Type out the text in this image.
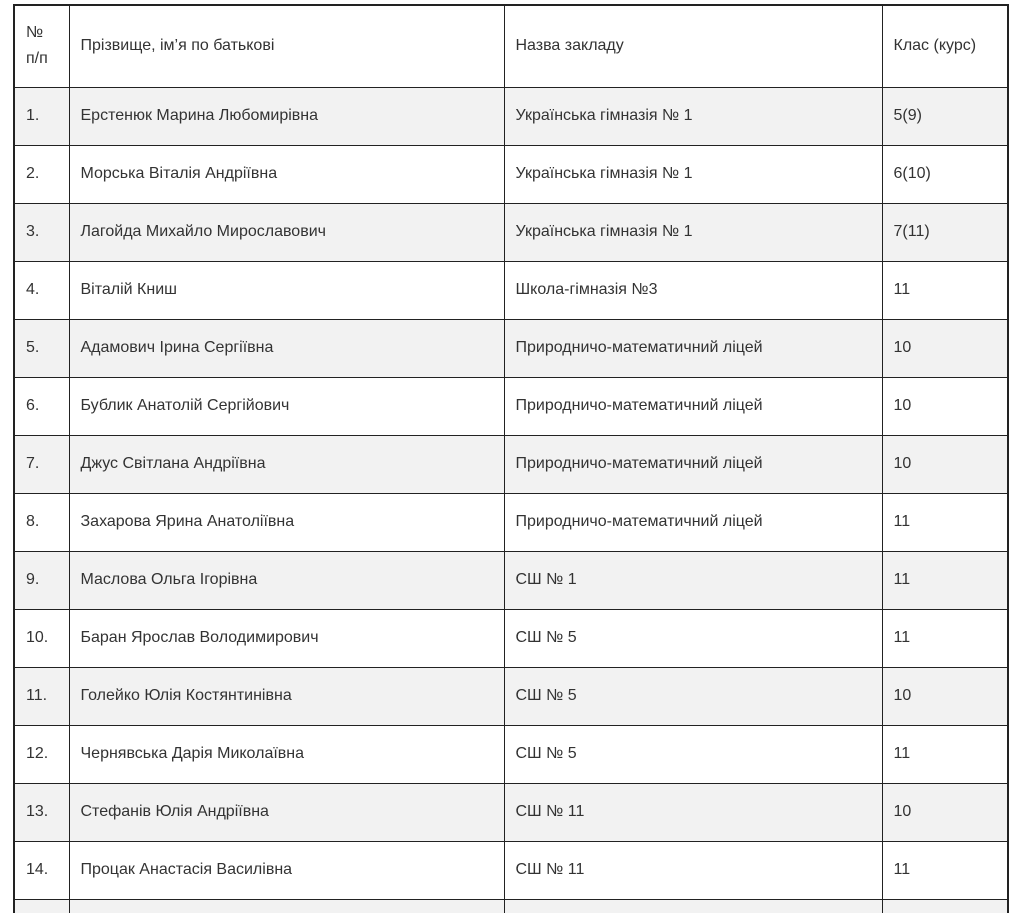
№
п/п	Прізвище, ім’я по батькові	Назва закладу	Клас (курс)
1.	Ерстенюк Марина Любомирівна	Українська гімназія № 1	5(9)
2.	Морська Віталія Андріївна	Українська гімназія № 1	6(10)
3.	Лагойда Михайло Мирославович	Українська гімназія № 1	7(11)
4.	Віталій Книш	Школа-гімназія №3	11
5.	Адамович Ірина Сергіївна	Природничо-математичний ліцей	10
6.	Бублик Анатолій Сергійович	Природничо-математичний ліцей	10
7.	Джус Світлана Андріївна	Природничо-математичний ліцей	10
8.	Захарова Ярина Анатоліївна	Природничо-математичний ліцей	11
9.	Маслова Ольга Ігорівна	СШ № 1	11
10.	Баран Ярослав Володимирович	СШ № 5	11
11.	Голейко Юлія Костянтинівна	СШ № 5	10
12.	Чернявська Дарія Миколаївна	СШ № 5	11
13.	Стефанів Юлія Андріївна	СШ № 11	10
14.	Процак Анастасія Василівна	СШ № 11	11
